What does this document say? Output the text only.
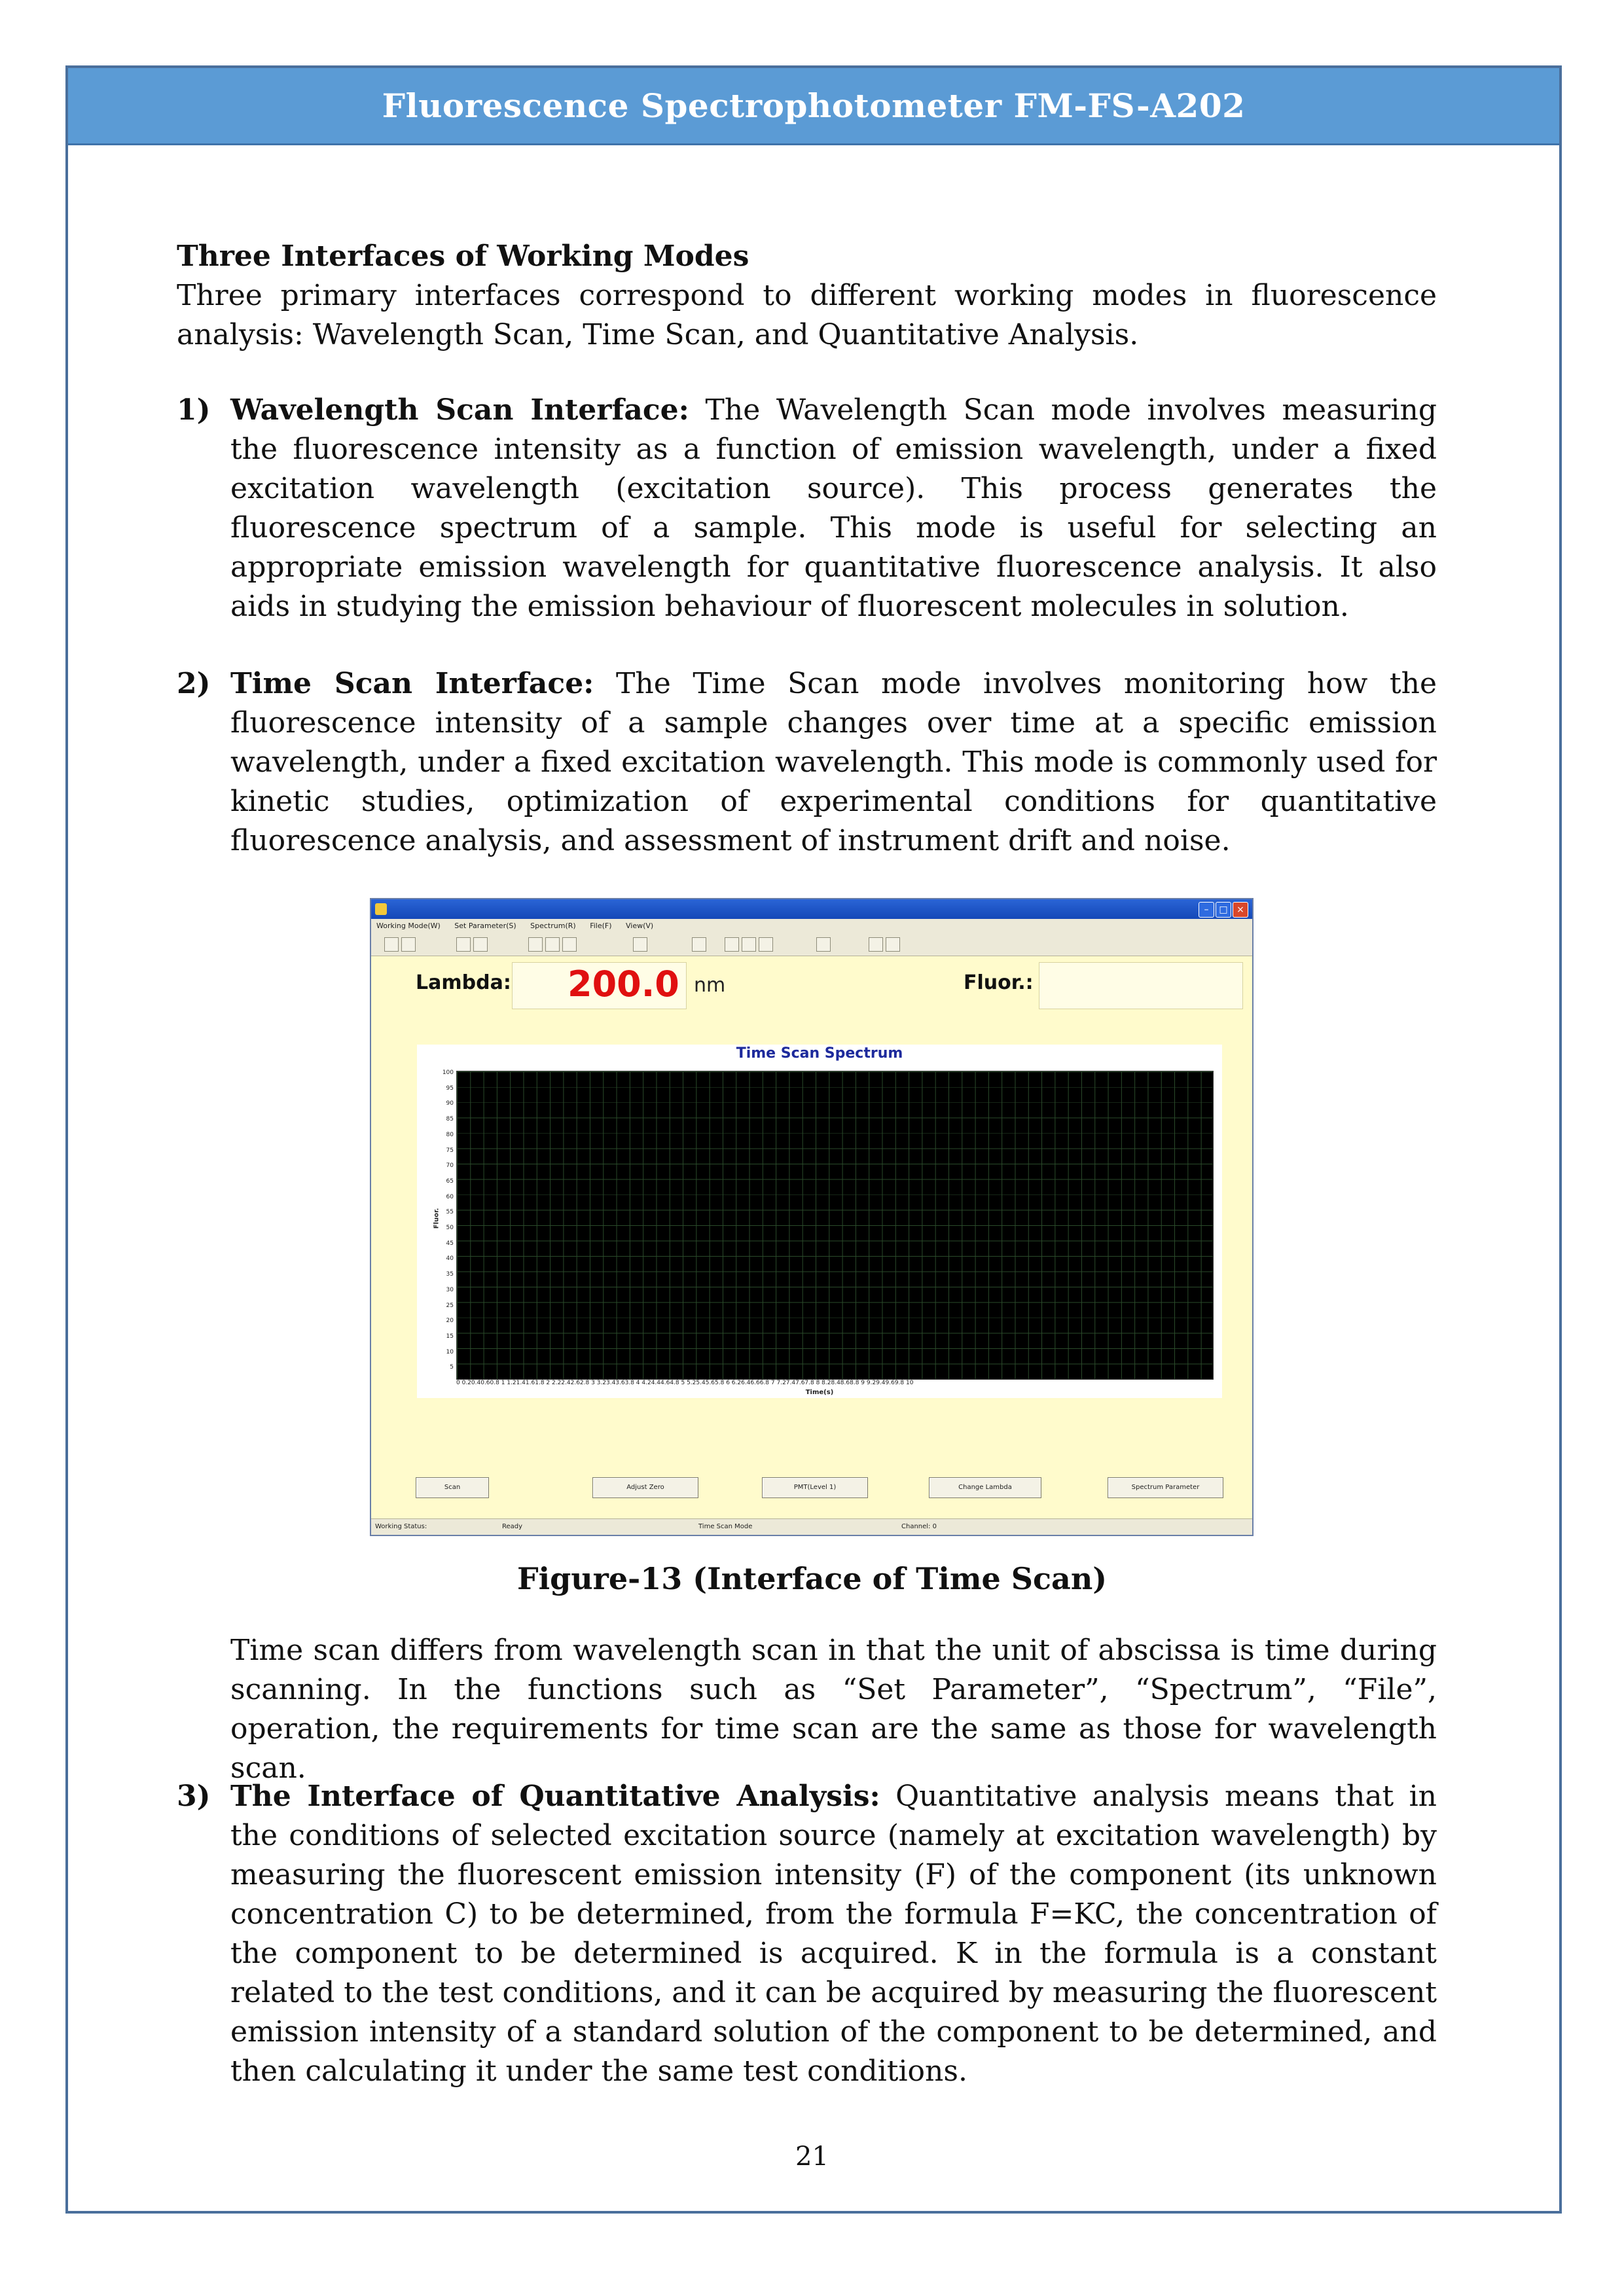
Fluorescence Spectrophotometer FM-FS-A202
Three Interfaces of Working Modes

Three primary interfaces correspond to different working modes in fluorescence analysis: Wavelength Scan, Time Scan, and Quantitative Analysis.

1) Wavelength Scan Interface: The Wavelength Scan mode involves measuring the fluorescence intensity as a function of emission wavelength, under a fixed excitation wavelength (excitation source). This process generates the fluorescence spectrum of a sample. This mode is useful for selecting an appropriate emission wavelength for quantitative fluorescence analysis. It also aids in studying the emission behaviour of fluorescent molecules in solution.
2) Time Scan Interface: The Time Scan mode involves monitoring how the fluorescence intensity of a sample changes over time at a specific emission wavelength, under a fixed excitation wavelength. This mode is commonly used for kinetic studies, optimization of experimental conditions for quantitative fluorescence analysis, and assessment of instrument drift and noise.
–	□ ×
Working Mode(W) Set Parameter(S) Spectrum(R) File(F) View(V)
Lambda: 200.0 nm	Fluor.:
Time Scan Spectrum
Fluor.
100
95
90
85
80
75
70
65
60
55
50
45
40
35
30
25
20
15
10
5
0 0.20.40.60.8 1 1.21.41.61.8 2 2.22.42.62.8 3 3.23.43.63.8 4 4.24.44.64.8 5 5.25.45.65.8 6 6.26.46.66.8 7 7.27.47.67.8 8 8.28.48.68.8 9 9.29.49.69.8 10
Time(s)
Scan	Adjust Zero	PMT(Level 1)	Change Lambda	Spectrum Parameter
Working Status:	Ready	Time Scan Mode	Channel: 0
Figure-13 (Interface of Time Scan)
Time scan differs from wavelength scan in that the unit of abscissa is time during scanning. In the functions such as “Set Parameter”, “Spectrum”, “File”, operation, the requirements for time scan are the same as those for wavelength scan.
3) The Interface of Quantitative Analysis: Quantitative analysis means that in the conditions of selected excitation source (namely at excitation wavelength) by measuring the fluorescent emission intensity (F) of the component (its unknown concentration C) to be determined, from the formula F=KC, the concentration of the component to be determined is acquired. K in the formula is a constant related to the test conditions, and it can be acquired by measuring the fluorescent emission intensity of a standard solution of the component to be determined, and then calculating it under the same test conditions.
21
